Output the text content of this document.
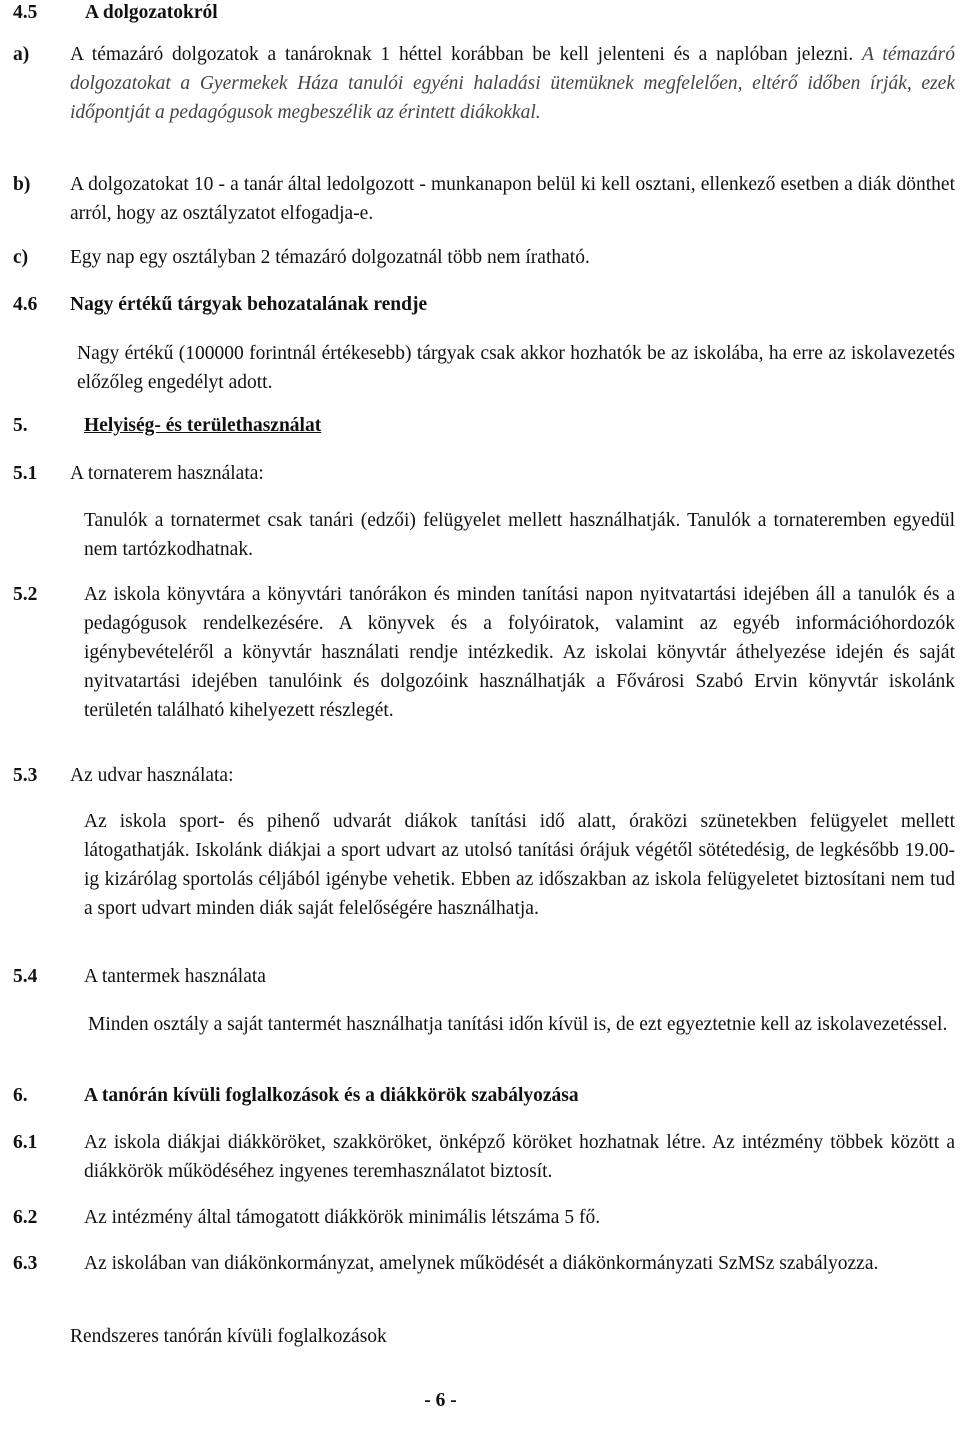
4.5 A dolgozatokról
a) A témazáró dolgozatok a tanároknak 1 héttel korábban be kell jelenteni és a naplóban jelezni. A témazáró dolgozatokat a Gyermekek Háza tanulói egyéni haladási ütemüknek megfelelően, eltérő időben írják, ezek időpontját a pedagógusok megbeszélik az érintett diákokkal.
b) A dolgozatokat 10 - a tanár által ledolgozott - munkanapon belül ki kell osztani, ellenkező esetben a diák dönthet arról, hogy az osztályzatot elfogadja-e.
c) Egy nap egy osztályban 2 témazáró dolgozatnál több nem íratható.
4.6 Nagy értékű tárgyak behozatalának rendje
Nagy értékű (100000 forintnál értékesebb) tárgyak csak akkor hozhatók be az iskolába, ha erre az iskolavezetés előzőleg engedélyt adott.
5.	Helyiség- és területhasználat
5.1 A tornaterem használata:
Tanulók a tornatermet csak tanári (edzői) felügyelet mellett használhatják. Tanulók a tornateremben egyedül nem tartózkodhatnak.
5.2 Az iskola könyvtára a könyvtári tanórákon és minden tanítási napon nyitvatartási idejében áll a tanulók és a pedagógusok rendelkezésére. A könyvek és a folyóiratok, valamint az egyéb információhordozók igénybevételéről a könyvtár használati rendje intézkedik. Az iskolai könyvtár áthelyezése idején és saját nyitvatartási idejében tanulóink és dolgozóink használhatják a Fővárosi Szabó Ervin könyvtár iskolánk területén található kihelyezett részlegét.
5.3 Az udvar használata:
Az iskola sport- és pihenő udvarát diákok tanítási idő alatt, óraközi szünetekben felügyelet mellett látogathatják. Iskolánk diákjai a sport udvart az utolsó tanítási órájuk végétől sötétedésig, de legkésőbb 19.00-ig kizárólag sportolás céljából igénybe vehetik. Ebben az időszakban az iskola felügyeletet biztosítani nem tud a sport udvart minden diák saját felelőségére használhatja.
5.4 A tantermek használata
Minden osztály a saját tantermét használhatja tanítási időn kívül is, de ezt egyeztetnie kell az iskolavezetéssel.
6.	A tanórán kívüli foglalkozások és a diákkörök szabályozása
6.1 Az iskola diákjai diákköröket, szakköröket, önképző köröket hozhatnak létre. Az intézmény többek között a diákkörök működéséhez ingyenes teremhasználatot biztosít.
6.2 Az intézmény által támogatott diákkörök minimális létszáma 5 fő.
6.3 Az iskolában van diákönkormányzat, amelynek működését a diákönkormányzati SzMSz szabályozza.
Rendszeres tanórán kívüli foglalkozások
- 6 -
